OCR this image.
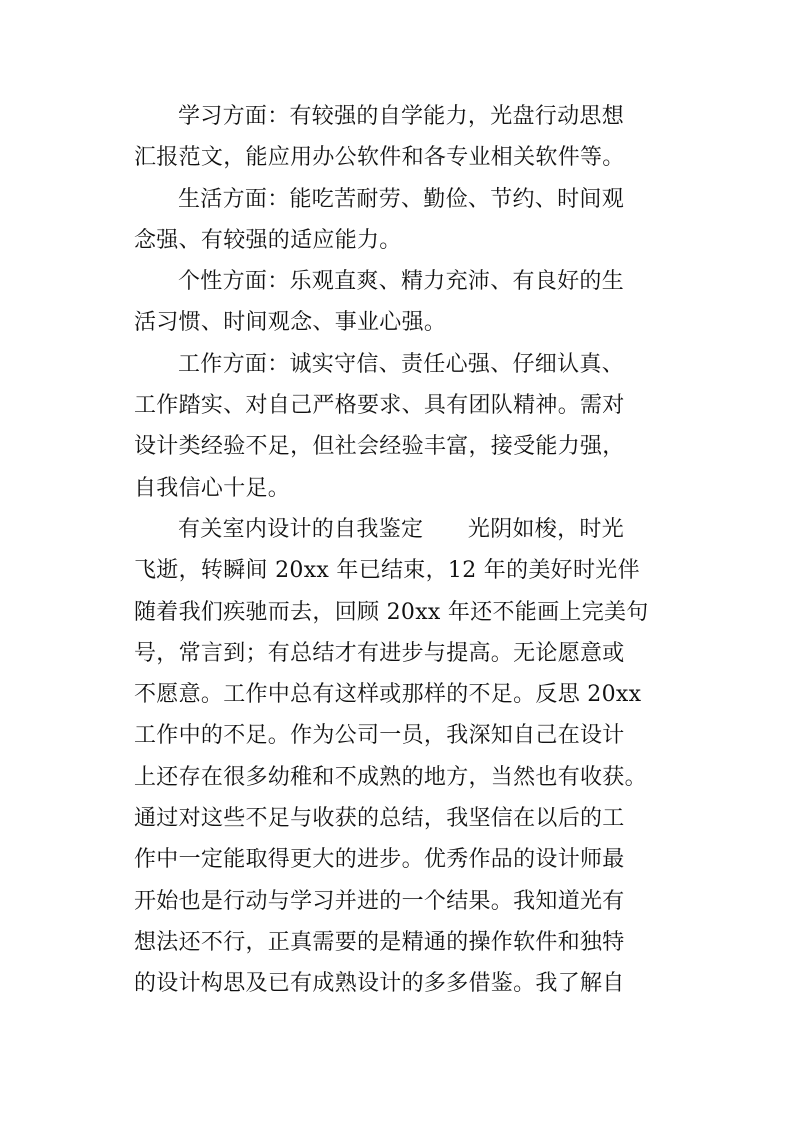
学习方面：有较强的自学能力，光盘行动思想
汇报范文，能应用办公软件和各专业相关软件等。

生活方面：能吃苦耐劳、勤俭、节约、时间观
念强、有较强的适应能力。

个性方面：乐观直爽、精力充沛、有良好的生
活习惯、时间观念、事业心强。

工作方面：诚实守信、责任心强、仔细认真、
工作踏实、对自己严格要求、具有团队精神。需对
设计类经验不足，但社会经验丰富，接受能力强，
自我信心十足。

有关室内设计的自我鉴定　　光阴如梭，时光
飞逝，转瞬间 20xx 年已结束，12 年的美好时光伴
随着我们疾驰而去，回顾 20xx 年还不能画上完美句
号，常言到；有总结才有进步与提高。无论愿意或
不愿意。工作中总有这样或那样的不足。反思 20xx
工作中的不足。作为公司一员，我深知自己在设计
上还存在很多幼稚和不成熟的地方，当然也有收获。
通过对这些不足与收获的总结，我坚信在以后的工
作中一定能取得更大的进步。优秀作品的设计师最
开始也是行动与学习并进的一个结果。我知道光有
想法还不行，正真需要的是精通的操作软件和独特
的设计构思及已有成熟设计的多多借鉴。我了解自
